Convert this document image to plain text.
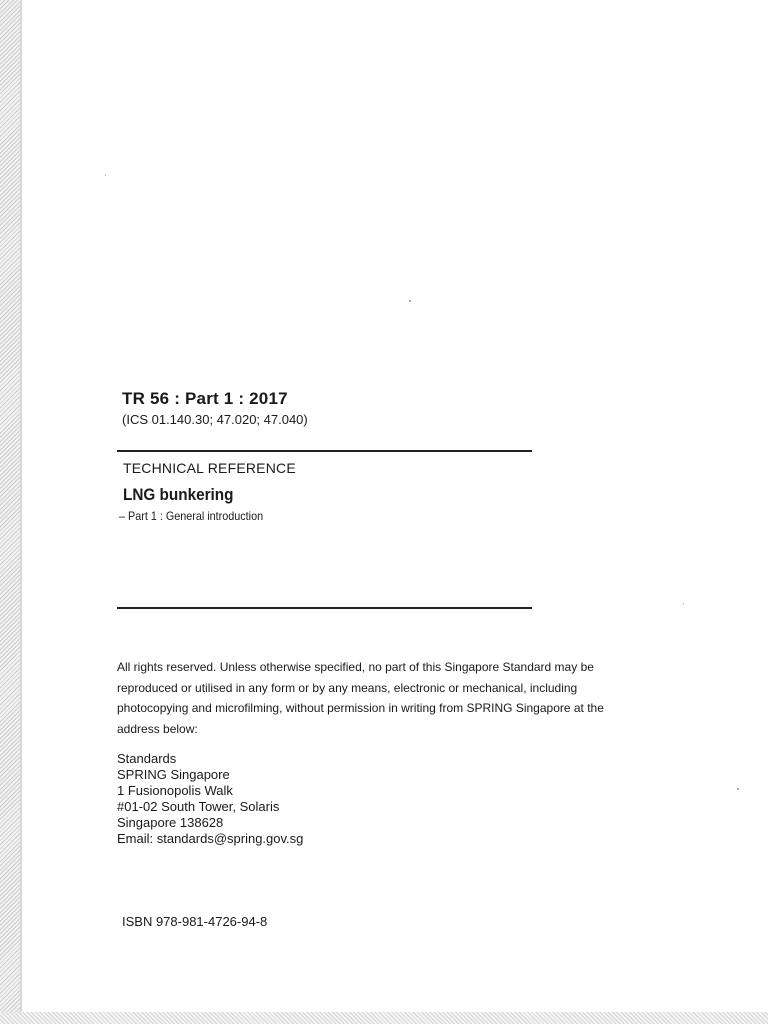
TR 56 : Part 1 : 2017
(ICS 01.140.30; 47.020; 47.040)
TECHNICAL REFERENCE
LNG bunkering
– Part 1 : General introduction

All rights reserved. Unless otherwise specified, no part of this Singapore Standard may be reproduced or utilised in any form or by any means, electronic or mechanical, including photocopying and microfilming, without permission in writing from SPRING Singapore at the address below:

Standards
SPRING Singapore
1 Fusionopolis Walk
#01-02 South Tower, Solaris
Singapore 138628
Email: standards@spring.gov.sg
ISBN 978-981-4726-94-8
